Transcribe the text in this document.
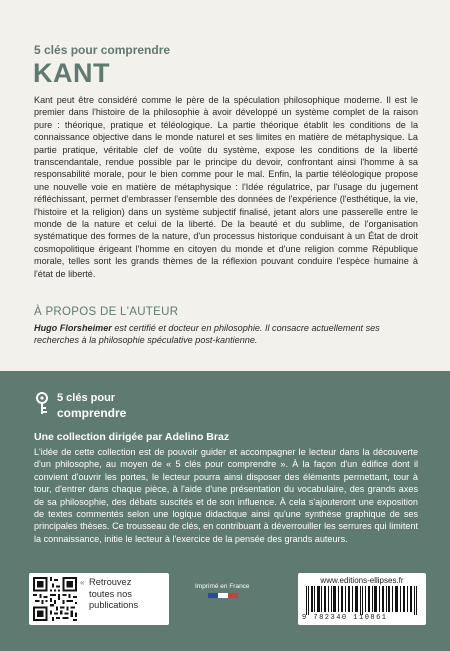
5 clés pour comprendre
KANT
Kant peut être considéré comme le père de la spéculation philosophique moderne. Il est le premier dans l'histoire de la philosophie à avoir développé un système complet de la raison pure : théorique, pratique et téléologique. La partie théorique établit les conditions de la connaissance objective dans le monde naturel et ses limites en matière de métaphysique. La partie pratique, véritable clef de voûte du système, expose les conditions de la liberté transcendantale, rendue possible par le principe du devoir, confrontant ainsi l'homme à sa responsabilité morale, pour le bien comme pour le mal. Enfin, la partie téléologique propose une nouvelle voie en matière de métaphysique : l'Idée régulatrice, par l'usage du jugement réfléchissant, permet d'embrasser l'ensemble des données de l'expérience (l'esthétique, la vie, l'histoire et la religion) dans un système subjectif finalisé, jetant alors une passerelle entre le monde de la nature et celui de la liberté. De la beauté et du sublime, de l'organisation systématique des formes de la nature, d'un processus historique conduisant à un État de droit cosmopolitique érigeant l'homme en citoyen du monde et d'une religion comme République morale, telles sont les grands thèmes de la réflexion pouvant conduire l'espèce humaine à l'état de liberté.
À PROPOS DE L'AUTEUR
Hugo Florsheimer est certifié et docteur en philosophie. Il consacre actuellement ses recherches à la philosophie spéculative post-kantienne.
5 clés pour
comprendre
Une collection dirigée par Adelino Braz
L'idée de cette collection est de pouvoir guider et accompagner le lecteur dans la découverte d'un philosophe, au moyen de « 5 clés pour comprendre ». À la façon d'un édifice dont il convient d'ouvrir les portes, le lecteur pourra ainsi disposer des éléments permettant, tour à tour, d'entrer dans chaque pièce, à l'aide d'une présentation du vocabulaire, des grands axes de sa philosophie, des débats suscités et de son influence. À cela s'ajouteront une exposition de textes commentés selon une logique didactique ainsi qu'une synthèse graphique de ses principales thèses. Ce trousseau de clés, en contribuant à déverrouiller les serrures qui limitent la connaissance, initie le lecteur à l'exercice de la pensée des grands auteurs.
« Retrouvez
toutes nos
publications
Imprimé en France
www.editions-ellipses.fr
9 782340 110861
